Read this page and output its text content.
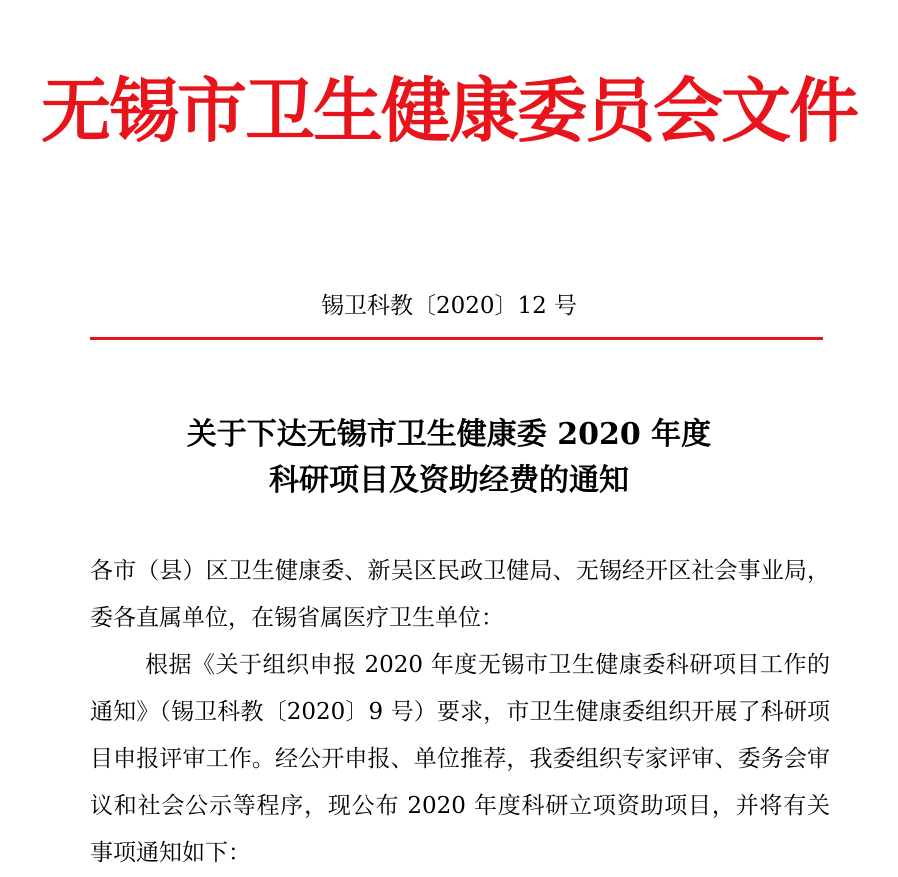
无锡市卫生健康委员会文件
锡卫科教〔2020〕12 号
关于下达无锡市卫生健康委 2020 年度
科研项目及资助经费的通知

各市（县）区卫生健康委、新吴区民政卫健局、无锡经开区社会事业局，委各直属单位，在锡省属医疗卫生单位：

根据《关于组织申报 2020 年度无锡市卫生健康委科研项目工作的通知》（锡卫科教〔2020〕9 号）要求，市卫生健康委组织开展了科研项目申报评审工作。经公开申报、单位推荐，我委组织专家评审、委务会审议和社会公示等程序，现公布 2020 年度科研立项资助项目，并将有关事项通知如下：
